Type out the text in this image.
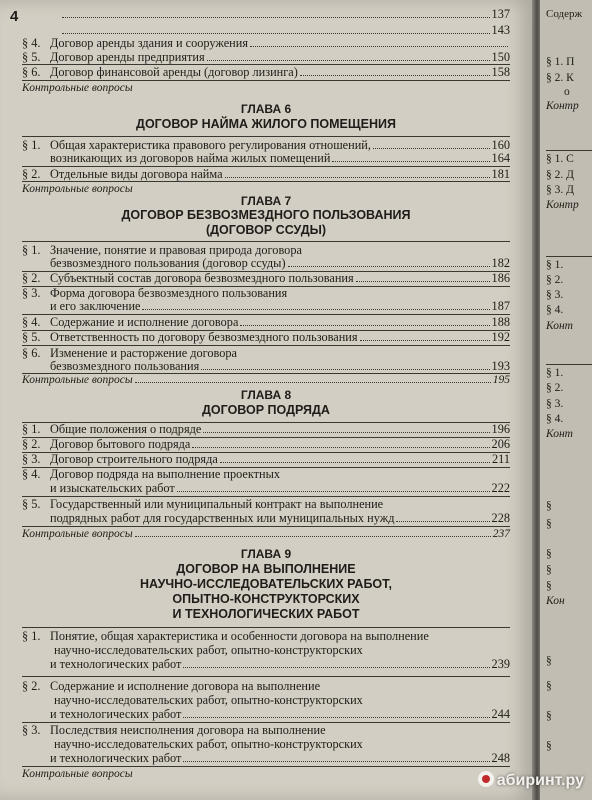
4	137
143
§ 4. Договор аренды здания и сооружения
§ 5. Договор аренды предприятия	150
§ 6. Договор финансовой аренды (договор лизинга)	158
Контрольные вопросы
ГЛАВА 6
ДОГОВОР НАЙМА ЖИЛОГО ПОМЕЩЕНИЯ
§ 1. Общая характеристика правового регулирования отношений,	160
возникающих из договоров найма жилых помещений	164
§ 2. Отдельные виды договора найма	181
Контрольные вопросы
ГЛАВА 7
ДОГОВОР БЕЗВОЗМЕЗДНОГО ПОЛЬЗОВАНИЯ
(ДОГОВОР ССУДЫ)
§ 1. Значение, понятие и правовая природа договора
безвозмездного пользования (договор ссуды)	182
§ 2. Субъектный состав договора безвозмездного пользования	186
§ 3. Форма договора безвозмездного пользования
и его заключение	187
§ 4. Содержание и исполнение договора	188
§ 5. Ответственность по договору безвозмездного пользования	192
§ 6. Изменение и расторжение договора
безвозмездного пользования	193
Контрольные вопросы	195
ГЛАВА 8
ДОГОВОР ПОДРЯДА
§ 1. Общие положения о подряде	196
§ 2. Договор бытового подряда	206
§ 3. Договор строительного подряда	211
§ 4. Договор подряда на выполнение проектных
и изыскательских работ	222
§ 5. Государственный или муниципальный контракт на выполнение
подрядных работ для государственных или муниципальных нужд	228
Контрольные вопросы	237
ГЛАВА 9
ДОГОВОР НА ВЫПОЛНЕНИЕ
НАУЧНО-ИССЛЕДОВАТЕЛЬСКИХ РАБОТ,
ОПЫТНО-КОНСТРУКТОРСКИХ
И ТЕХНОЛОГИЧЕСКИХ РАБОТ
§ 1. Понятие, общая характеристика и особенности договора на выполнение
научно-исследовательских работ, опытно-конструкторских
и технологических работ	239
§ 2. Содержание и исполнение договора на выполнение
научно-исследовательских работ, опытно-конструкторских
и технологических работ	244
§ 3. Последствия неисполнения договора на выполнение
научно-исследовательских работ, опытно-конструкторских
и технологических работ	248
Контрольные вопросы
Содерж
§ 1. П
§ 2. К
о
Контр
§ 1. С
§ 2. Д
§ 3. Д
Контр
§ 1.
§ 2.
§ 3.
§ 4.
Конт
§ 1.
§ 2.
§ 3.
§ 4.
Конт
§
§
§
§
§
Кон
§
§
§
§
абиринт.ру
